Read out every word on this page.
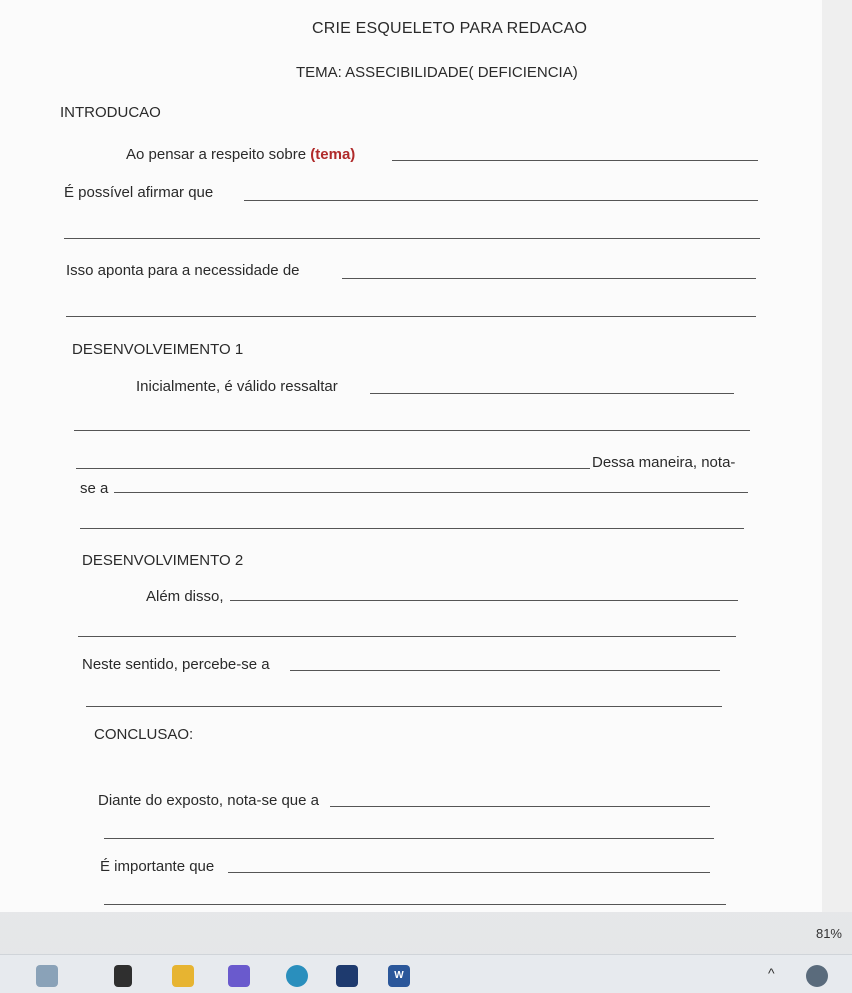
CRIE ESQUELETO PARA REDACAO
TEMA: ASSECIBILIDADE( DEFICIENCIA)
INTRODUCAO
Ao pensar a respeito sobre (tema)
É possível afirmar que
Isso aponta para a necessidade de
DESENVOLVEIMENTO 1
Inicialmente, é válido ressaltar
Dessa maneira, nota-
se a
DESENVOLVIMENTO 2
Além disso,
Neste sentido, percebe-se a
CONCLUSAO:
Diante do exposto, nota-se que a
É importante que
81%
W	^
